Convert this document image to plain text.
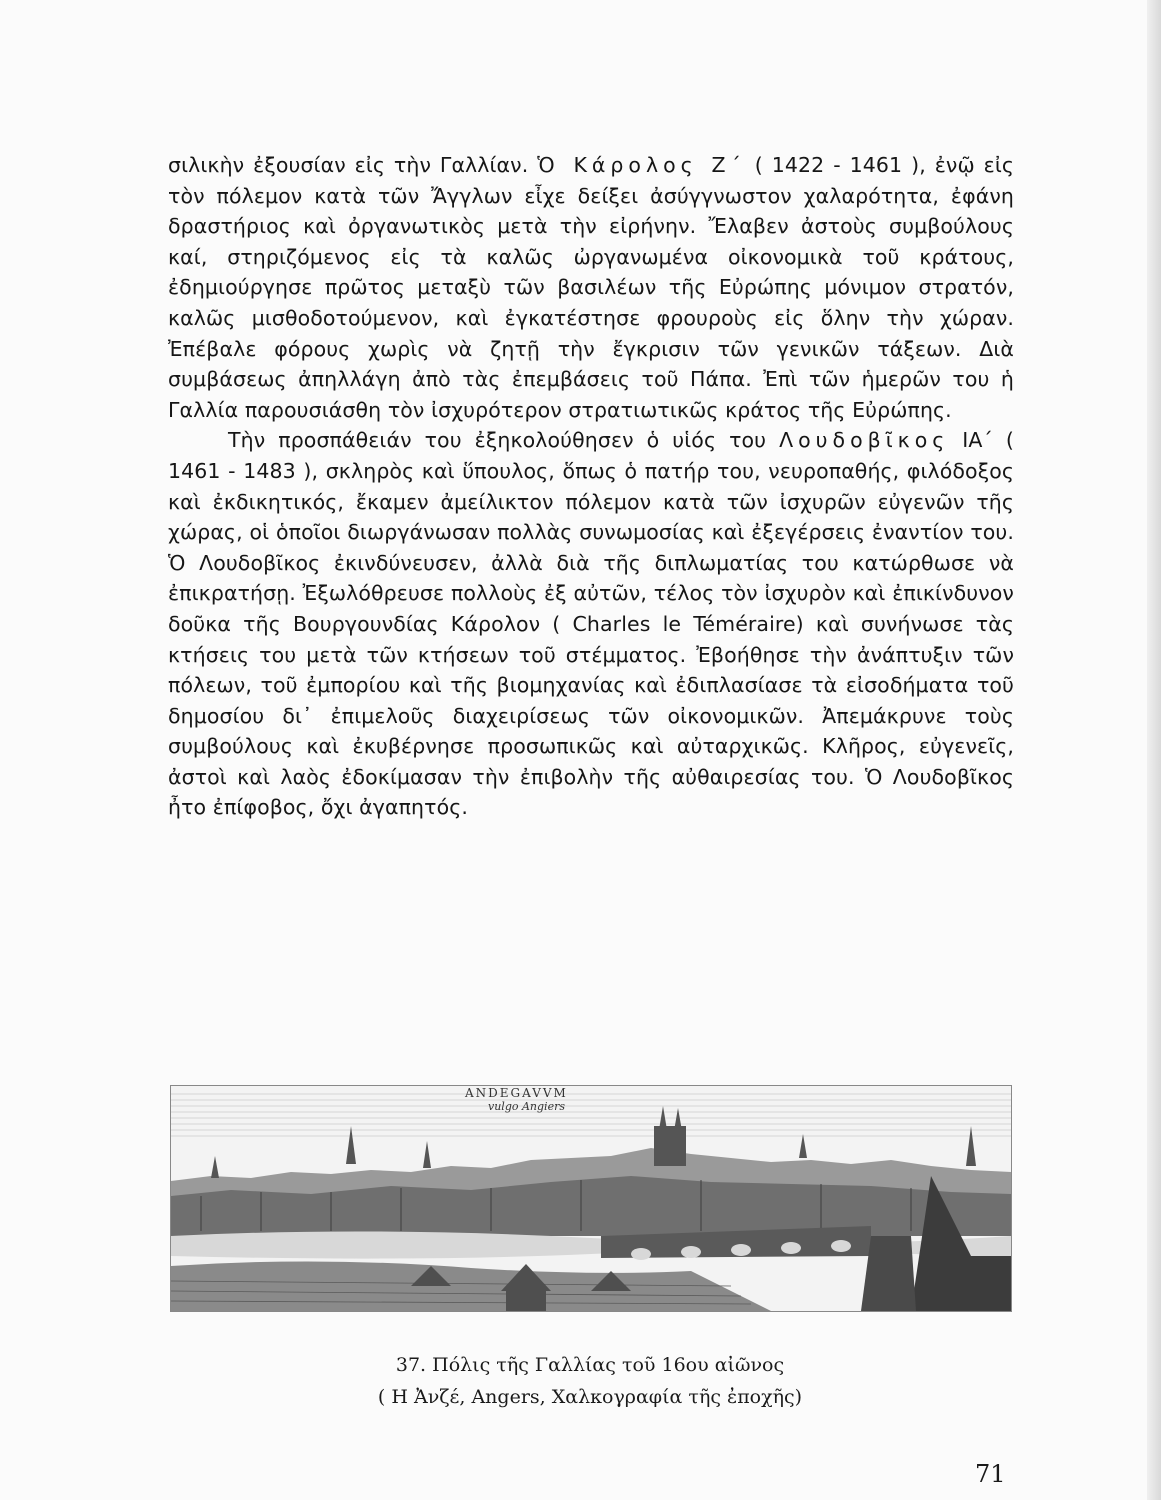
σιλικὴν ἐξουσίαν εἰς τὴν Γαλλίαν. Ὁ Κάρολος Ζ΄ ( 1422 - 1461 ), ἐνῷ εἰς τὸν πόλεμον κατὰ τῶν Ἄγγλων εἶχε δείξει ἀσύγγνωστον χαλαρότητα, ἐφάνη δραστήριος καὶ ὀργανωτικὸς μετὰ τὴν εἰρήνην. Ἔλαβεν ἀστοὺς συμβούλους καί, στηριζόμενος εἰς τὰ καλῶς ὠργανωμένα οἰκονομικὰ τοῦ κράτους, ἐδημιούργησε πρῶτος μεταξὺ τῶν βασιλέων τῆς Εὐρώπης μόνιμον στρατόν, καλῶς μισθοδοτούμενον, καὶ ἐγκατέστησε φρουροὺς εἰς ὅλην τὴν χώραν. Ἐπέβαλε φόρους χωρὶς νὰ ζητῇ τὴν ἔγκρισιν τῶν γενικῶν τάξεων. Διὰ συμβάσεως ἀπηλλάγη ἀπὸ τὰς ἐπεμβάσεις τοῦ Πάπα. Ἐπὶ τῶν ἡμερῶν του ἡ Γαλλία παρουσιάσθη τὸν ἰσχυρότερον στρατιωτικῶς κράτος τῆς Εὐρώπης.

Τὴν προσπάθειάν του ἐξηκολούθησεν ὁ υἱός του Λουδοβῖκος ΙΑ΄ ( 1461 - 1483 ), σκληρὸς καὶ ὕπουλος, ὅπως ὁ πατήρ του, νευροπαθής, φιλόδοξος καὶ ἐκδικητικός, ἔκαμεν ἀμείλικτον πόλεμον κατὰ τῶν ἰσχυρῶν εὐγενῶν τῆς χώρας, οἱ ὁποῖοι διωργάνωσαν πολλὰς συνωμοσίας καὶ ἐξεγέρσεις ἐναντίον του. Ὁ Λουδοβῖκος ἐκινδύνευσεν, ἀλλὰ διὰ τῆς διπλωματίας του κατώρθωσε νὰ ἐπικρατήσῃ. Ἐξωλόθρευσε πολλοὺς ἐξ αὐτῶν, τέλος τὸν ἰσχυρὸν καὶ ἐπικίνδυνον δοῦκα τῆς Βουργουνδίας Κάρολον ( Charles le Téméraire) καὶ συνήνωσε τὰς κτήσεις του μετὰ τῶν κτήσεων τοῦ στέμματος. Ἐβοήθησε τὴν ἀνάπτυξιν τῶν πόλεων, τοῦ ἐμπορίου καὶ τῆς βιομηχανίας καὶ ἐδιπλασίασε τὰ εἰσοδήματα τοῦ δημοσίου δι᾿ ἐπιμελοῦς διαχειρίσεως τῶν οἰκονομικῶν. Ἀπεμάκρυνε τοὺς συμβούλους καὶ ἐκυβέρνησε προσωπικῶς καὶ αὐταρχικῶς. Κλῆρος, εὐγενεῖς, ἀστοὶ καὶ λαὸς ἐδοκίμασαν τὴν ἐπιβολὴν τῆς αὐθαιρεσίας του. Ὁ Λουδοβῖκος ἦτο ἐπίφοβος, ὄχι ἀγαπητός.

ANDEGAVVM
vulgo Angiers
37. Πόλις τῆς Γαλλίας τοῦ 16ου αἰῶνος
( Η Ἀνζέ, Angers, Χαλκογραφία τῆς ἐποχῆς)
71
